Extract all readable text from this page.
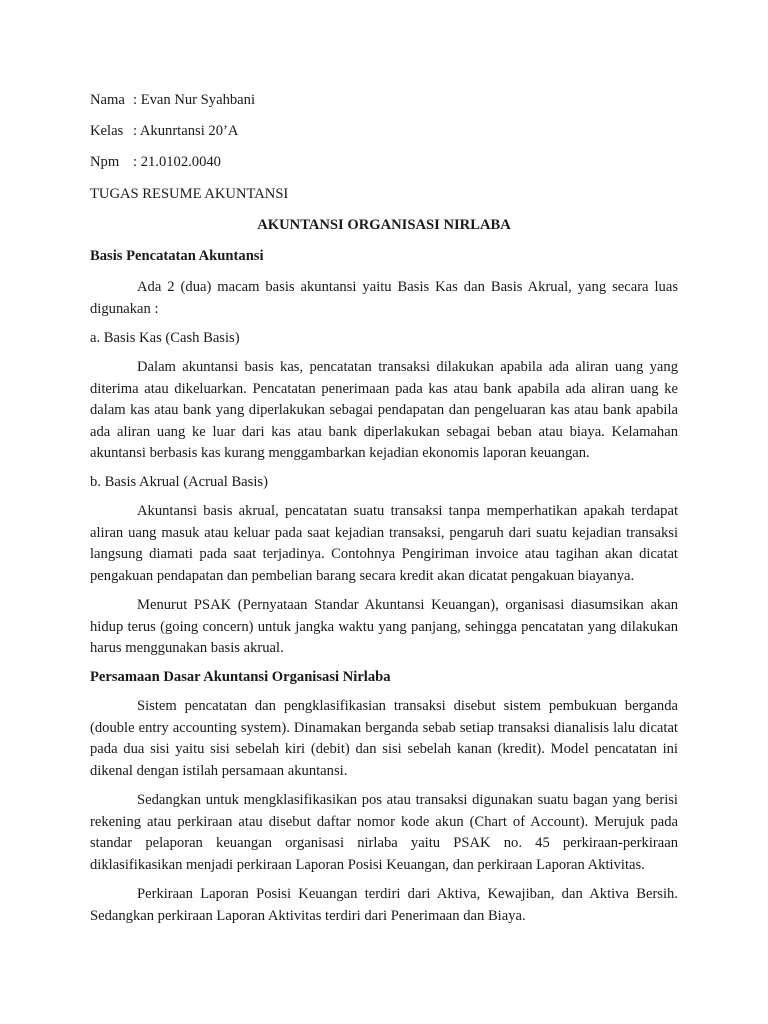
Nama : Evan Nur Syahbani
Kelas : Akunrtansi 20’A
Npm : 21.0102.0040

TUGAS RESUME AKUNTANSI

AKUNTANSI ORGANISASI NIRLABA

Basis Pencatatan Akuntansi

Ada 2 (dua) macam basis akuntansi yaitu Basis Kas dan Basis Akrual, yang secara luas digunakan :

a. Basis Kas (Cash Basis)

Dalam akuntansi basis kas, pencatatan transaksi dilakukan apabila ada aliran uang yang diterima atau dikeluarkan. Pencatatan penerimaan pada kas atau bank apabila ada aliran uang ke dalam kas atau bank yang diperlakukan sebagai pendapatan dan pengeluaran kas atau bank apabila ada aliran uang ke luar dari kas atau bank diperlakukan sebagai beban atau biaya. Kelamahan akuntansi berbasis kas kurang menggambarkan kejadian ekonomis laporan keuangan.

b. Basis Akrual (Acrual Basis)

Akuntansi basis akrual, pencatatan suatu transaksi tanpa memperhatikan apakah terdapat aliran uang masuk atau keluar pada saat kejadian transaksi, pengaruh dari suatu kejadian transaksi langsung diamati pada saat terjadinya. Contohnya Pengiriman invoice atau tagihan akan dicatat pengakuan pendapatan dan pembelian barang secara kredit akan dicatat pengakuan biayanya.

Menurut PSAK (Pernyataan Standar Akuntansi Keuangan), organisasi diasumsikan akan hidup terus (going concern) untuk jangka waktu yang panjang, sehingga pencatatan yang dilakukan harus menggunakan basis akrual.

Persamaan Dasar Akuntansi Organisasi Nirlaba

Sistem pencatatan dan pengklasifikasian transaksi disebut sistem pembukuan berganda (double entry accounting system). Dinamakan berganda sebab setiap transaksi dianalisis lalu dicatat pada dua sisi yaitu sisi sebelah kiri (debit) dan sisi sebelah kanan (kredit). Model pencatatan ini dikenal dengan istilah persamaan akuntansi.

Sedangkan untuk mengklasifikasikan pos atau transaksi digunakan suatu bagan yang berisi rekening atau perkiraan atau disebut daftar nomor kode akun (Chart of Account). Merujuk pada standar pelaporan keuangan organisasi nirlaba yaitu PSAK no. 45 perkiraan-perkiraan diklasifikasikan menjadi perkiraan Laporan Posisi Keuangan, dan perkiraan Laporan Aktivitas.

Perkiraan Laporan Posisi Keuangan terdiri dari Aktiva, Kewajiban, dan Aktiva Bersih. Sedangkan perkiraan Laporan Aktivitas terdiri dari Penerimaan dan Biaya.
